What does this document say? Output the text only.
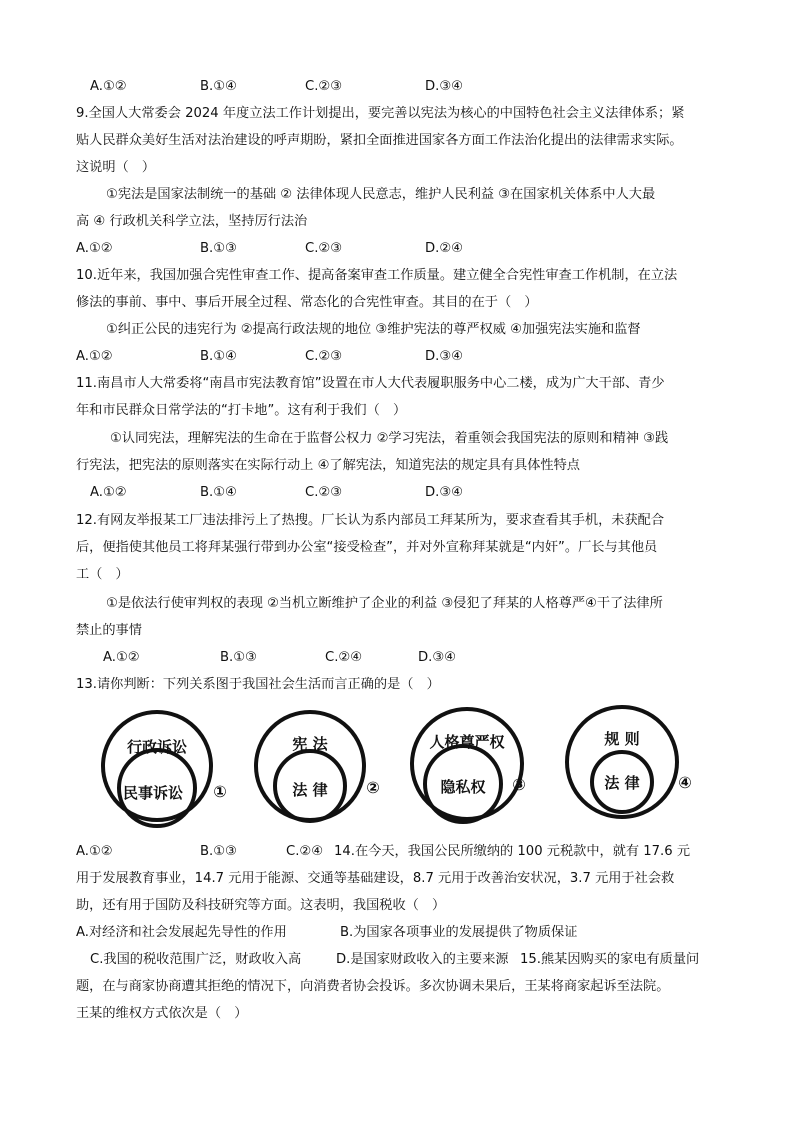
A.①②	B.①④	C.②③	D.③④
9.全国人大常委会 2024 年度立法工作计划提出，要完善以宪法为核心的中国特色社会主义法律体系；紧
贴人民群众美好生活对法治建设的呼声期盼，紧扣全面推进国家各方面工作法治化提出的法律需求实际。
这说明（　）
①宪法是国家法制统一的基础 ② 法律体现人民意志，维护人民利益 ③在国家机关体系中人大最
高 ④ 行政机关科学立法，坚持厉行法治
A.①②	B.①③	C.②③	D.②④
10.近年来，我国加强合宪性审查工作、提高备案审查工作质量。建立健全合宪性审查工作机制，在立法
修法的事前、事中、事后开展全过程、常态化的合宪性审查。其目的在于（　）
①纠正公民的违宪行为 ②提高行政法规的地位 ③维护宪法的尊严权威 ④加强宪法实施和监督
A.①②	B.①④	C.②③	D.③④
11.南昌市人大常委将“南昌市宪法教育馆”设置在市人大代表履职服务中心二楼，成为广大干部、青少
年和市民群众日常学法的“打卡地”。这有利于我们（　）
①认同宪法，理解宪法的生命在于监督公权力 ②学习宪法，着重领会我国宪法的原则和精神 ③践
行宪法，把宪法的原则落实在实际行动上 ④了解宪法，知道宪法的规定具有具体性特点
A.①②	B.①④	C.②③	D.③④
12.有网友举报某工厂违法排污上了热搜。厂长认为系内部员工拜某所为，要求查看其手机，未获配合
后，便指使其他员工将拜某强行带到办公室“接受检查”，并对外宣称拜某就是“内奸”。厂长与其他员
工（　）
①是依法行使审判权的表现 ②当机立断维护了企业的利益 ③侵犯了拜某的人格尊严④干了法律所
禁止的事情
A.①②	B.①③	C.②④	D.③④
13.请你判断：下列关系图于我国社会生活而言正确的是（　）
行政诉讼
民事诉讼 ①
宪 法
法 律 ②
人格尊严权
隐私权 ③
规 则
法 律 ④
A.①②	B.①③	C.②④ 14.在今天，我国公民所缴纳的 100 元税款中，就有 17.6 元
用于发展教育事业，14.7 元用于能源、交通等基础建设，8.7 元用于改善治安状况，3.7 元用于社会救
助，还有用于国防及科技研究等方面。这表明，我国税收（　）
A.对经济和社会发展起先导性的作用	B.为国家各项事业的发展提供了物质保证
C.我国的税收范围广泛，财政收入高	D.是国家财政收入的主要来源 15.熊某因购买的家电有质量问
题，在与商家协商遭其拒绝的情况下，向消费者协会投诉。多次协调未果后，王某将商家起诉至法院。
王某的维权方式依次是（　）
